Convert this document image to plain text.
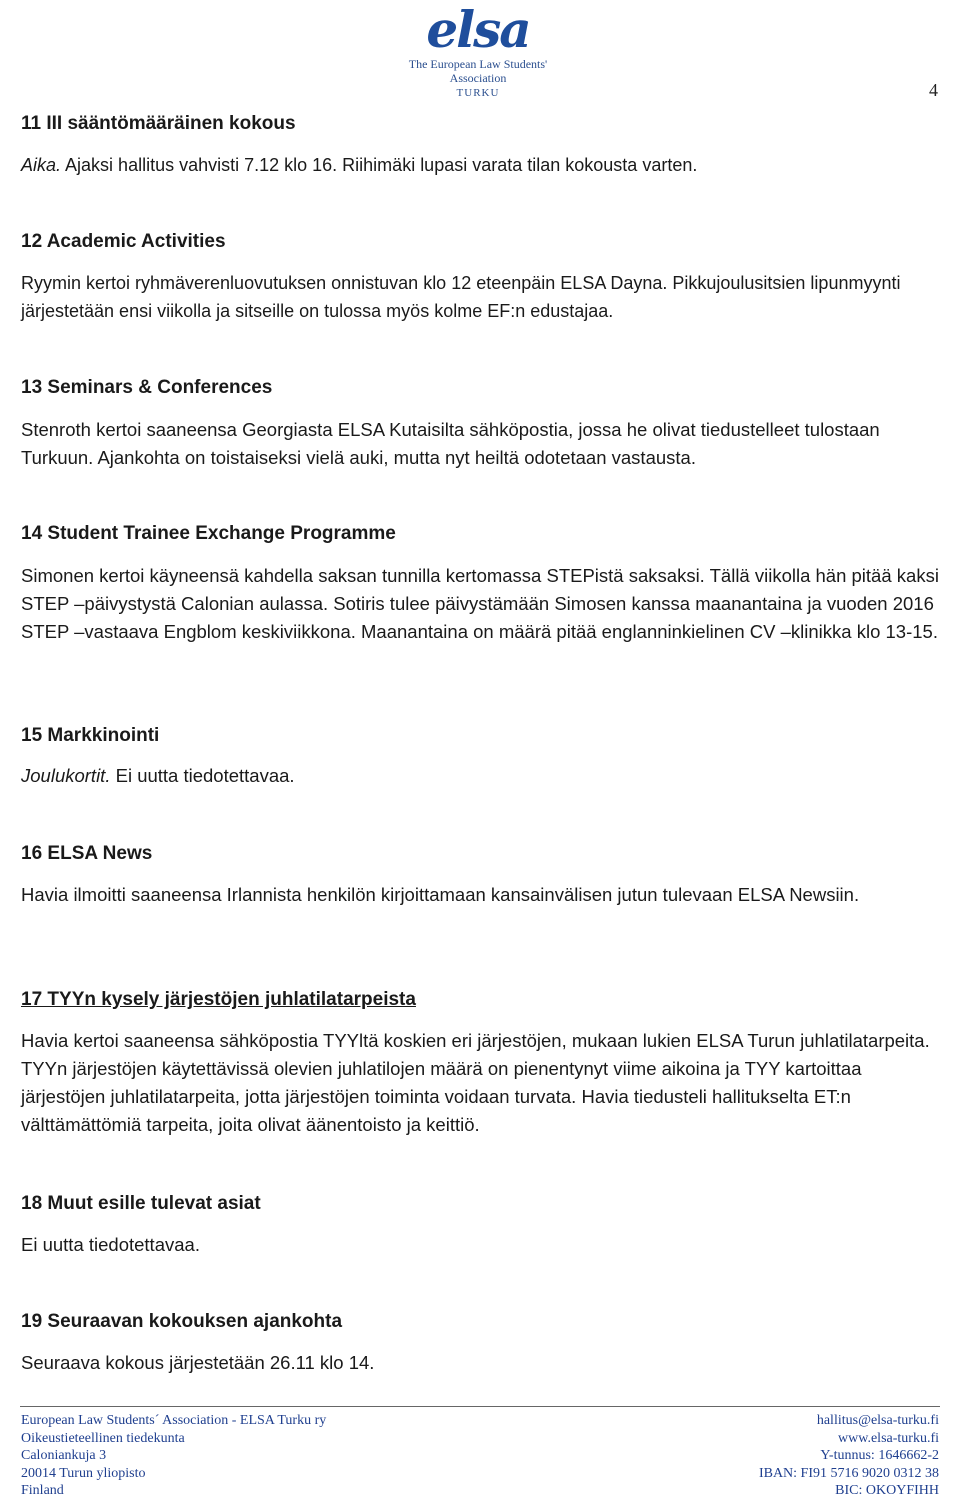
elsa
The European Law Students' Association
TURKU	4
11 III sääntömääräinen kokous

Aika. Ajaksi hallitus vahvisti 7.12 klo 16. Riihimäki lupasi varata tilan kokousta varten.

12 Academic Activities

Ryymin kertoi ryhmäverenluovutuksen onnistuvan klo 12 eteenpäin ELSA Dayna. Pikkujoulusitsien lipunmyynti järjestetään ensi viikolla ja sitseille on tulossa myös kolme EF:n edustajaa.

13 Seminars & Conferences

Stenroth kertoi saaneensa Georgiasta ELSA Kutaisilta sähköpostia, jossa he olivat tiedustelleet tulostaan Turkuun. Ajankohta on toistaiseksi vielä auki, mutta nyt heiltä odotetaan vastausta.

14 Student Trainee Exchange Programme

Simonen kertoi käyneensä kahdella saksan tunnilla kertomassa STEPistä saksaksi. Tällä viikolla hän pitää kaksi STEP –päivystystä Calonian aulassa. Sotiris tulee päivystämään Simosen kanssa maanantaina ja vuoden 2016 STEP –vastaava Engblom keskiviikkona. Maanantaina on määrä pitää englanninkielinen CV –klinikka klo 13-15.

15 Markkinointi

Joulukortit. Ei uutta tiedotettavaa.

16 ELSA News

Havia ilmoitti saaneensa Irlannista henkilön kirjoittamaan kansainvälisen jutun tulevaan ELSA Newsiin.

17 TYYn kysely järjestöjen juhlatilatarpeista

Havia kertoi saaneensa sähköpostia TYYltä koskien eri järjestöjen, mukaan lukien ELSA Turun juhlatilatarpeita. TYYn järjestöjen käytettävissä olevien juhlatilojen määrä on pienentynyt viime aikoina ja TYY kartoittaa järjestöjen juhlatilatarpeita, jotta järjestöjen toiminta voidaan turvata. Havia tiedusteli hallitukselta ET:n välttämättömiä tarpeita, joita olivat äänentoisto ja keittiö.

18 Muut esille tulevat asiat

Ei uutta tiedotettavaa.

19 Seuraavan kokouksen ajankohta

Seuraava kokous järjestetään 26.11 klo 14.

European Law Students´ Association - ELSA Turku ry
Oikeustieteellinen tiedekunta
Caloniankuja 3
20014 Turun yliopisto
Finland
hallitus@elsa-turku.fi
www.elsa-turku.fi
Y-tunnus: 1646662-2
IBAN: FI91 5716 9020 0312 38
BIC: OKOYFIHH
